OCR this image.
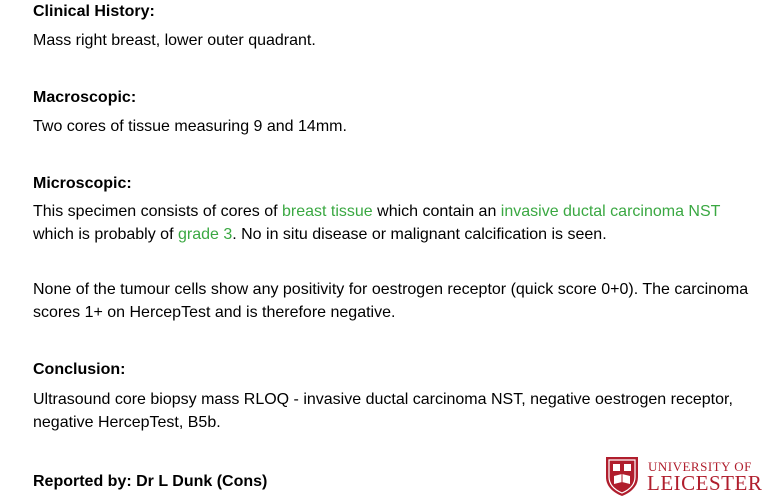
Clinical History:

Mass right breast, lower outer quadrant.

Macroscopic:

Two cores of tissue measuring 9 and 14mm.

Microscopic:

This specimen consists of cores of breast tissue which contain an invasive ductal carcinoma NST which is probably of grade 3. No in situ disease or malignant calcification is seen.

None of the tumour cells show any positivity for oestrogen receptor (quick score 0+0). The carcinoma scores 1+ on HercepTest and is therefore negative.

Conclusion:

Ultrasound core biopsy mass RLOQ - invasive ductal carcinoma NST, negative oestrogen receptor, negative HercepTest, B5b.

Reported by: Dr L Dunk (Cons)

UNIVERSITY OF
LEICESTER
